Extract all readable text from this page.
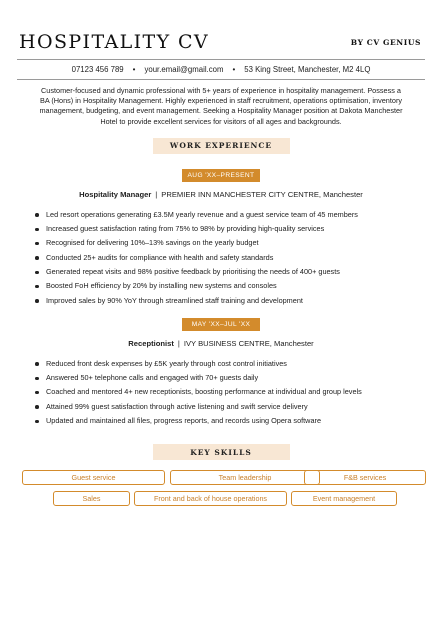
HOSPITALITY CV	BY CV GENIUS
07123 456 789 • your.email@gmail.com • 53 King Street, Manchester, M2 4LQ

Customer-focused and dynamic professional with 5+ years of experience in hospitality management. Possess a BA (Hons) in Hospitality Management. Highly experienced in staff recruitment, operations optimisation, inventory management, budgeting, and event management. Seeking a Hospitality Manager position at Dakota Manchester Hotel to provide excellent services for visitors of all ages and backgrounds.

WORK EXPERIENCE
AUG 'XX–PRESENT
Hospitality Manager | PREMIER INN MANCHESTER CITY CENTRE, Manchester
Led resort operations generating £3.5M yearly revenue and a guest service team of 45 members
Increased guest satisfaction rating from 75% to 98% by providing high-quality services
Recognised for delivering 10%–13% savings on the yearly budget
Conducted 25+ audits for compliance with health and safety standards
Generated repeat visits and 98% positive feedback by prioritising the needs of 400+ guests
Boosted FoH efficiency by 20% by installing new systems and consoles
Improved sales by 90% YoY through streamlined staff training and development
MAY 'XX–JUL 'XX
Receptionist | IVY BUSINESS CENTRE, Manchester
Reduced front desk expenses by £5K yearly through cost control initiatives
Answered 50+ telephone calls and engaged with 70+ guests daily
Coached and mentored 4+ new receptionists, boosting performance at individual and group levels
Attained 99% guest satisfaction through active listening and swift service delivery
Updated and maintained all files, progress reports, and records using Opera software
KEY SKILLS
Guest service	Team leadership	F&B services
Sales	Front and back of house operations	Event management
